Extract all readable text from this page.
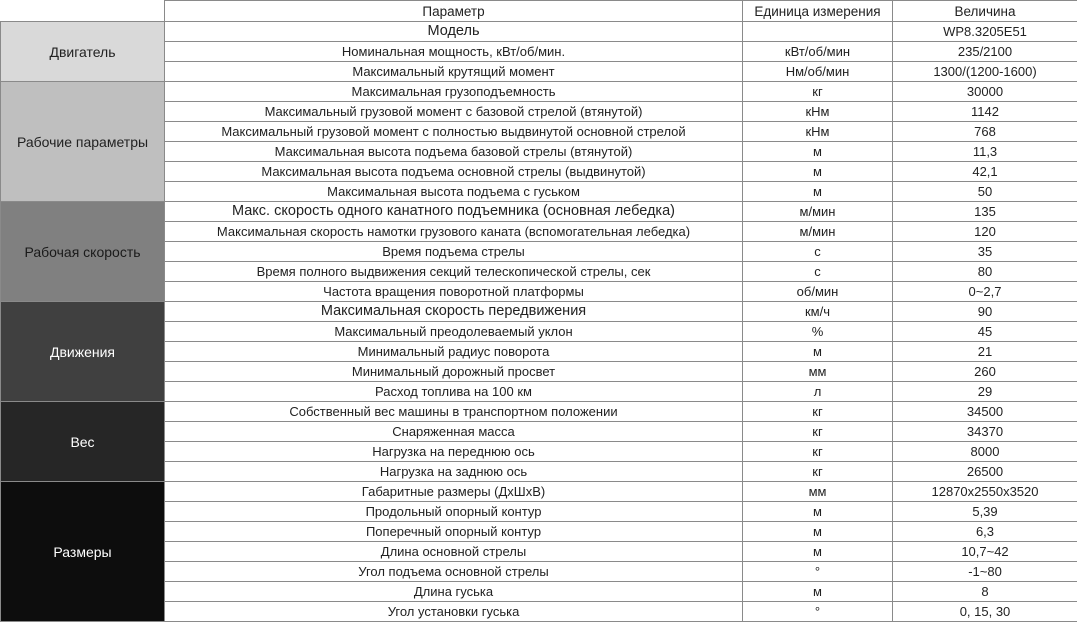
	Параметр	Единица измерения	Величина
Двигатель	Модель		WP8.3205E51
	Номинальная мощность, кВт/об/мин.	кВт/об/мин	235/2100
	Максимальный крутящий момент	Нм/об/мин	1300/(1200-1600)
Рабочие параметры	Максимальная грузоподъемность	кг	30000
	Максимальный грузовой момент с базовой стрелой (втянутой)	кНм	1142
	Максимальный грузовой момент с полностью выдвинутой основной стрелой	кНм	768
	Максимальная высота подъема базовой стрелы (втянутой)	м	11,3
	Максимальная высота подъема основной стрелы (выдвинутой)	м	42,1
	Максимальная высота подъема с гуськом	м	50
Рабочая скорость	Макс. скорость одного канатного подъемника (основная лебедка)	м/мин	135
	Максимальная скорость намотки грузового каната (вспомогательная лебедка)	м/мин	120
	Время подъема стрелы	с	35
	Время полного выдвижения секций телескопической стрелы, сек	с	80
	Частота вращения поворотной платформы	об/мин	0~2,7
Движения	Максимальная скорость передвижения	км/ч	90
	Максимальный преодолеваемый уклон	%	45
	Минимальный радиус поворота	м	21
	Минимальный дорожный просвет	мм	260
	Расход топлива на 100 км	л	29
Вес	Собственный вес машины в транспортном положении	кг	34500
	Снаряженная масса	кг	34370
	Нагрузка на переднюю ось	кг	8000
	Нагрузка на заднюю ось	кг	26500
Размеры	Габаритные размеры (ДхШхВ)	мм	12870x2550x3520
	Продольный опорный контур	м	5,39
	Поперечный опорный контур	м	6,3
	Длина основной стрелы	м	10,7~42
	Угол подъема основной стрелы	°	-1~80
	Длина гуська	м	8
	Угол установки гуська	°	0, 15, 30
